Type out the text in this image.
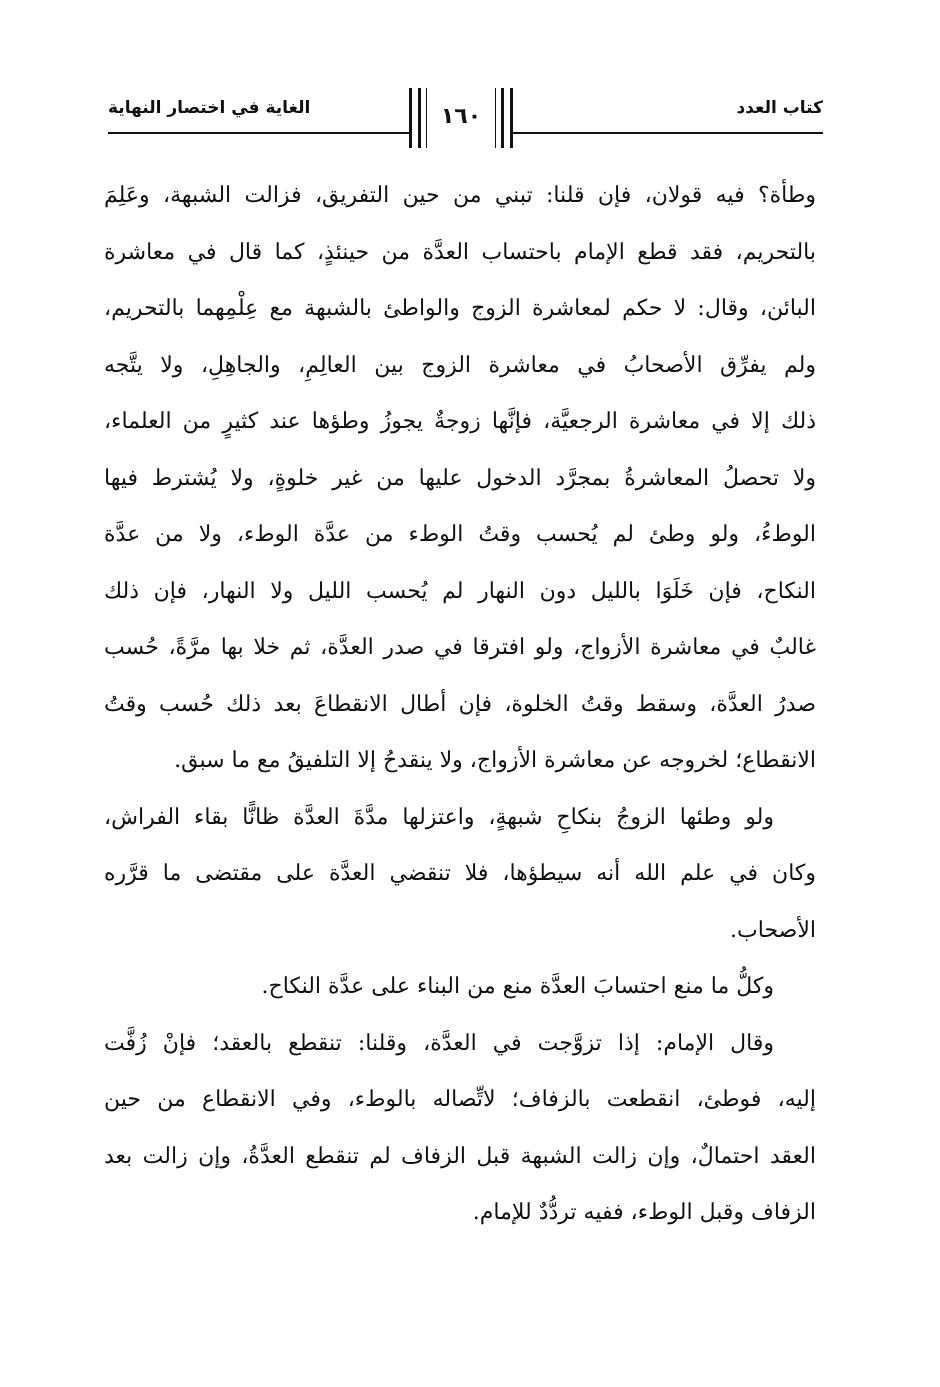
كتاب العدد
الغاية في اختصار النهاية	١٦٠
وطأة؟ فيه قولان، فإن قلنا: تبني من حين التفريق، فزالت الشبهة، وعَلِمَ
بالتحريم، فقد قطع الإمام باحتساب العدَّة من حينئذٍ، كما قال في معاشرة
البائن، وقال: لا حكم لمعاشرة الزوج والواطئ بالشبهة مع عِلْمِهما بالتحريم،
ولم يفرِّق الأصحابُ في معاشرة الزوج بين العالِمِ، والجاهِلِ، ولا يتَّجه
ذلك إلا في معاشرة الرجعيَّة، فإنَّها زوجةٌ يجوزُ وطؤها عند كثيرٍ من العلماء،
ولا تحصلُ المعاشرةُ بمجرَّد الدخول عليها من غير خلوةٍ، ولا يُشترط فيها
الوطءُ، ولو وطئ لم يُحسب وقتُ الوطء من عدَّة الوطء، ولا من عدَّة
النكاح، فإن خَلَوَا بالليل دون النهار لم يُحسب الليل ولا النهار، فإن ذلك
غالبٌ في معاشرة الأزواج، ولو افترقا في صدر العدَّة، ثم خلا بها مرَّةً، حُسب
صدرُ العدَّة، وسقط وقتُ الخلوة، فإن أطال الانقطاعَ بعد ذلك حُسب وقتُ
الانقطاع؛ لخروجه عن معاشرة الأزواج، ولا ينقدحُ إلا التلفيقُ مع ما سبق.
ولو وطئها الزوجُ بنكاحِ شبهةٍ، واعتزلها مدَّةَ العدَّة ظانًّا بقاء الفراش،
وكان في علم الله أنه سيطؤها، فلا تنقضي العدَّة على مقتضى ما قرَّره
الأصحاب.
وكلُّ ما منع احتسابَ العدَّة منع من البناء على عدَّة النكاح.
وقال الإمام: إذا تزوَّجت في العدَّة، وقلنا: تنقطع بالعقد؛ فإنْ زُفَّت
إليه، فوطئ، انقطعت بالزفاف؛ لاتِّصاله بالوطء، وفي الانقطاع من حين
العقد احتمالٌ، وإن زالت الشبهة قبل الزفاف لم تنقطع العدَّةُ، وإن زالت بعد
الزفاف وقبل الوطء، ففيه تردُّدٌ للإمام.
